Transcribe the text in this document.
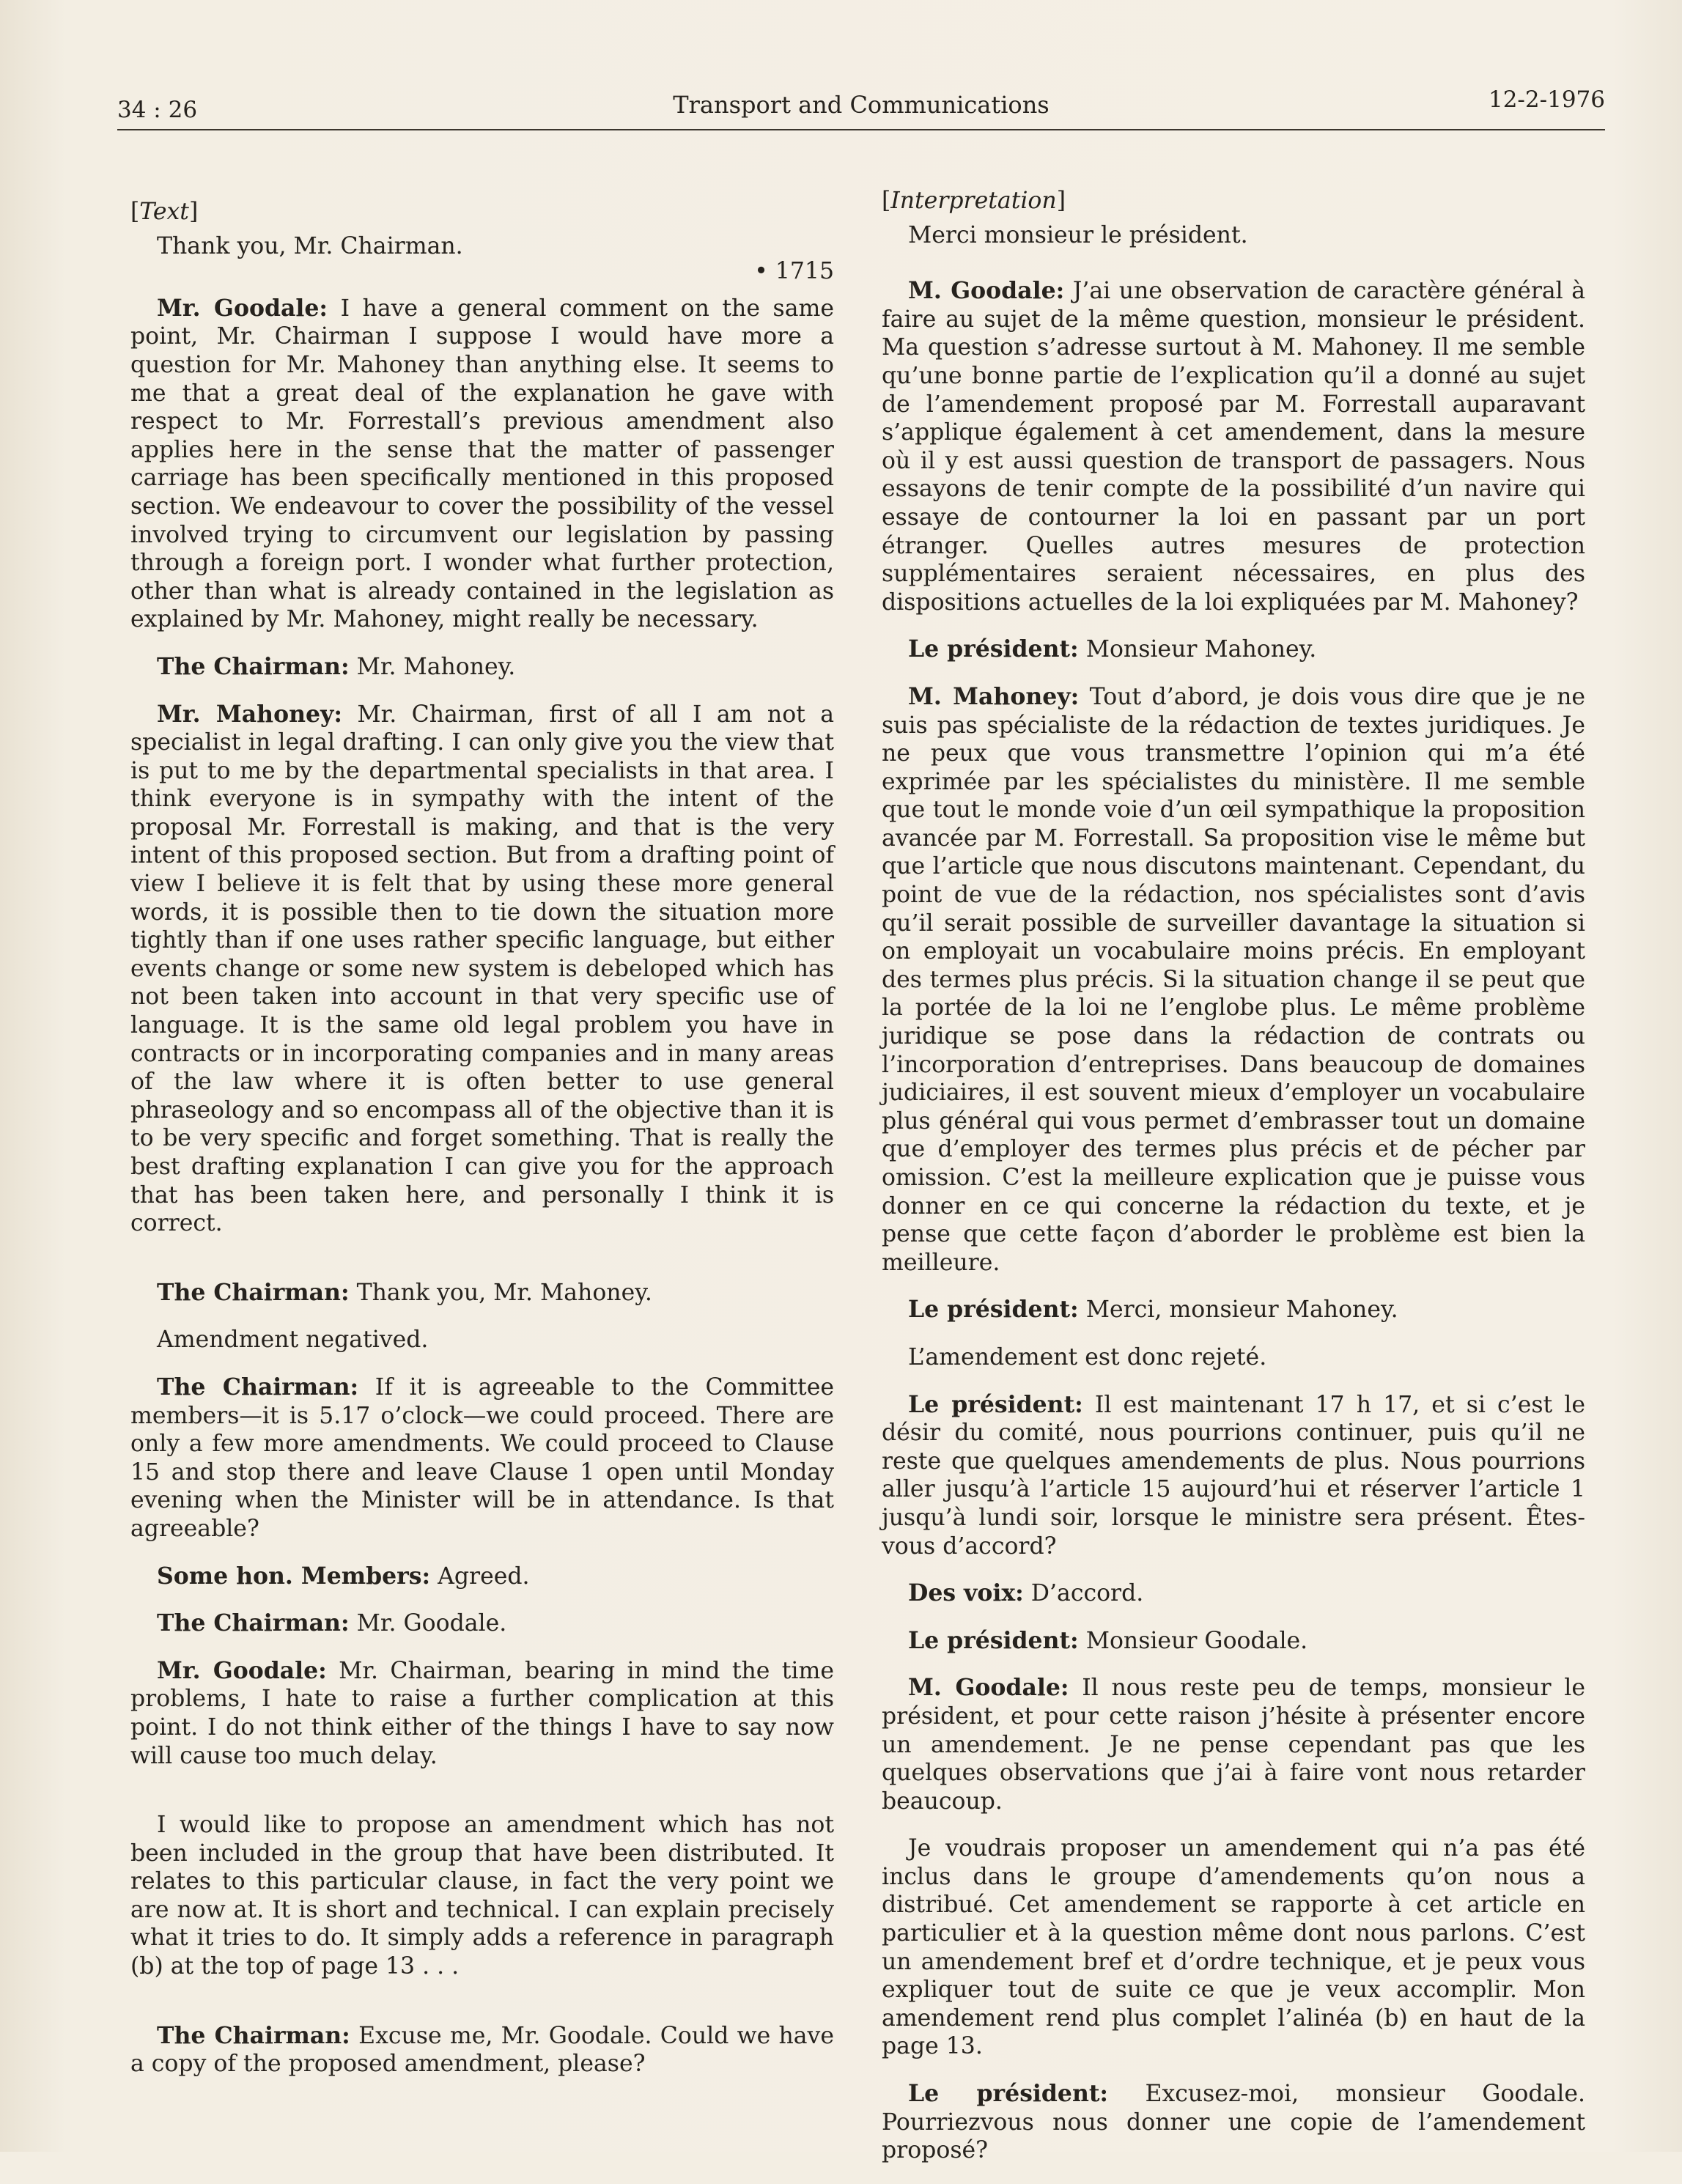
34 : 26	Transport and Communications	12-2-1976

[Text]

Thank you, Mr. Chairman.

• 1715

Mr. Goodale: I have a general comment on the same point, Mr. Chairman I suppose I would have more a question for Mr. Mahoney than anything else. It seems to me that a great deal of the explanation he gave with respect to Mr. Forrestall’s previous amendment also applies here in the sense that the matter of passenger carriage has been specifically mentioned in this proposed section. We endeavour to cover the possibility of the vessel involved trying to circumvent our legislation by passing through a foreign port. I wonder what further protection, other than what is already contained in the legislation as explained by Mr. Mahoney, might really be necessary.

The Chairman: Mr. Mahoney.

Mr. Mahoney: Mr. Chairman, first of all I am not a specialist in legal drafting. I can only give you the view that is put to me by the departmental specialists in that area. I think everyone is in sympathy with the intent of the proposal Mr. Forrestall is making, and that is the very intent of this proposed section. But from a drafting point of view I believe it is felt that by using these more general words, it is possible then to tie down the situation more tightly than if one uses rather specific language, but either events change or some new system is debeloped which has not been taken into account in that very specific use of language. It is the same old legal problem you have in contracts or in incorporating companies and in many areas of the law where it is often better to use general phraseology and so encompass all of the objective than it is to be very specific and forget something. That is really the best drafting explanation I can give you for the approach that has been taken here, and personally I think it is correct.

The Chairman: Thank you, Mr. Mahoney.

Amendment negatived.

The Chairman: If it is agreeable to the Committee members—it is 5.17 o’clock—we could proceed. There are only a few more amendments. We could proceed to Clause 15 and stop there and leave Clause 1 open until Monday evening when the Minister will be in attendance. Is that agreeable?

Some hon. Members: Agreed.

The Chairman: Mr. Goodale.

Mr. Goodale: Mr. Chairman, bearing in mind the time problems, I hate to raise a further complication at this point. I do not think either of the things I have to say now will cause too much delay.

I would like to propose an amendment which has not been included in the group that have been distributed. It relates to this particular clause, in fact the very point we are now at. It is short and technical. I can explain precisely what it tries to do. It simply adds a reference in paragraph (b) at the top of page 13 . . .

The Chairman: Excuse me, Mr. Goodale. Could we have a copy of the proposed amendment, please?

[Interpretation]

Merci monsieur le président.

M. Goodale: J’ai une observation de caractère général à faire au sujet de la même question, monsieur le président. Ma question s’adresse surtout à M. Mahoney. Il me semble qu’une bonne partie de l’explication qu’il a donné au sujet de l’amendement proposé par M. Forrestall auparavant s’applique également à cet amendement, dans la mesure où il y est aussi question de transport de passagers. Nous essayons de tenir compte de la possibilité d’un navire qui essaye de contourner la loi en passant par un port étranger. Quelles autres mesures de protection supplémentaires seraient nécessaires, en plus des dispositions actuelles de la loi expliquées par M. Mahoney?

Le président: Monsieur Mahoney.

M. Mahoney: Tout d’abord, je dois vous dire que je ne suis pas spécialiste de la rédaction de textes juridiques. Je ne peux que vous transmettre l’opinion qui m’a été exprimée par les spécialistes du ministère. Il me semble que tout le monde voie d’un œil sympathique la proposition avancée par M. Forrestall. Sa proposition vise le même but que l’article que nous discutons maintenant. Cependant, du point de vue de la rédaction, nos spécialistes sont d’avis qu’il serait possible de surveiller davantage la situation si on employait un vocabulaire moins précis. En employant des termes plus précis. Si la situation change il se peut que la portée de la loi ne l’englobe plus. Le même problème juridique se pose dans la rédaction de contrats ou l’incorporation d’entreprises. Dans beaucoup de domaines judiciaires, il est souvent mieux d’employer un vocabulaire plus général qui vous permet d’embrasser tout un domaine que d’employer des termes plus précis et de pécher par omission. C’est la meilleure explication que je puisse vous donner en ce qui concerne la rédaction du texte, et je pense que cette façon d’aborder le problème est bien la meilleure.

Le président: Merci, monsieur Mahoney.

L’amendement est donc rejeté.

Le président: Il est maintenant 17 h 17, et si c’est le désir du comité, nous pourrions continuer, puis qu’il ne reste que quelques amendements de plus. Nous pourrions aller jusqu’à l’article 15 aujourd’hui et réserver l’article 1 jusqu’à lundi soir, lorsque le ministre sera présent. Êtes-vous d’accord?

Des voix: D’accord.

Le président: Monsieur Goodale.

M. Goodale: Il nous reste peu de temps, monsieur le président, et pour cette raison j’hésite à présenter encore un amendement. Je ne pense cependant pas que les quelques observations que j’ai à faire vont nous retarder beaucoup.

Je voudrais proposer un amendement qui n’a pas été inclus dans le groupe d’amendements qu’on nous a distribué. Cet amendement se rapporte à cet article en particulier et à la question même dont nous parlons. C’est un amendement bref et d’ordre technique, et je peux vous expliquer tout de suite ce que je veux accomplir. Mon amendement rend plus complet l’alinéa (b) en haut de la page 13.

Le président: Excusez-moi, monsieur Goodale. Pourriezvous nous donner une copie de l’amendement proposé?
